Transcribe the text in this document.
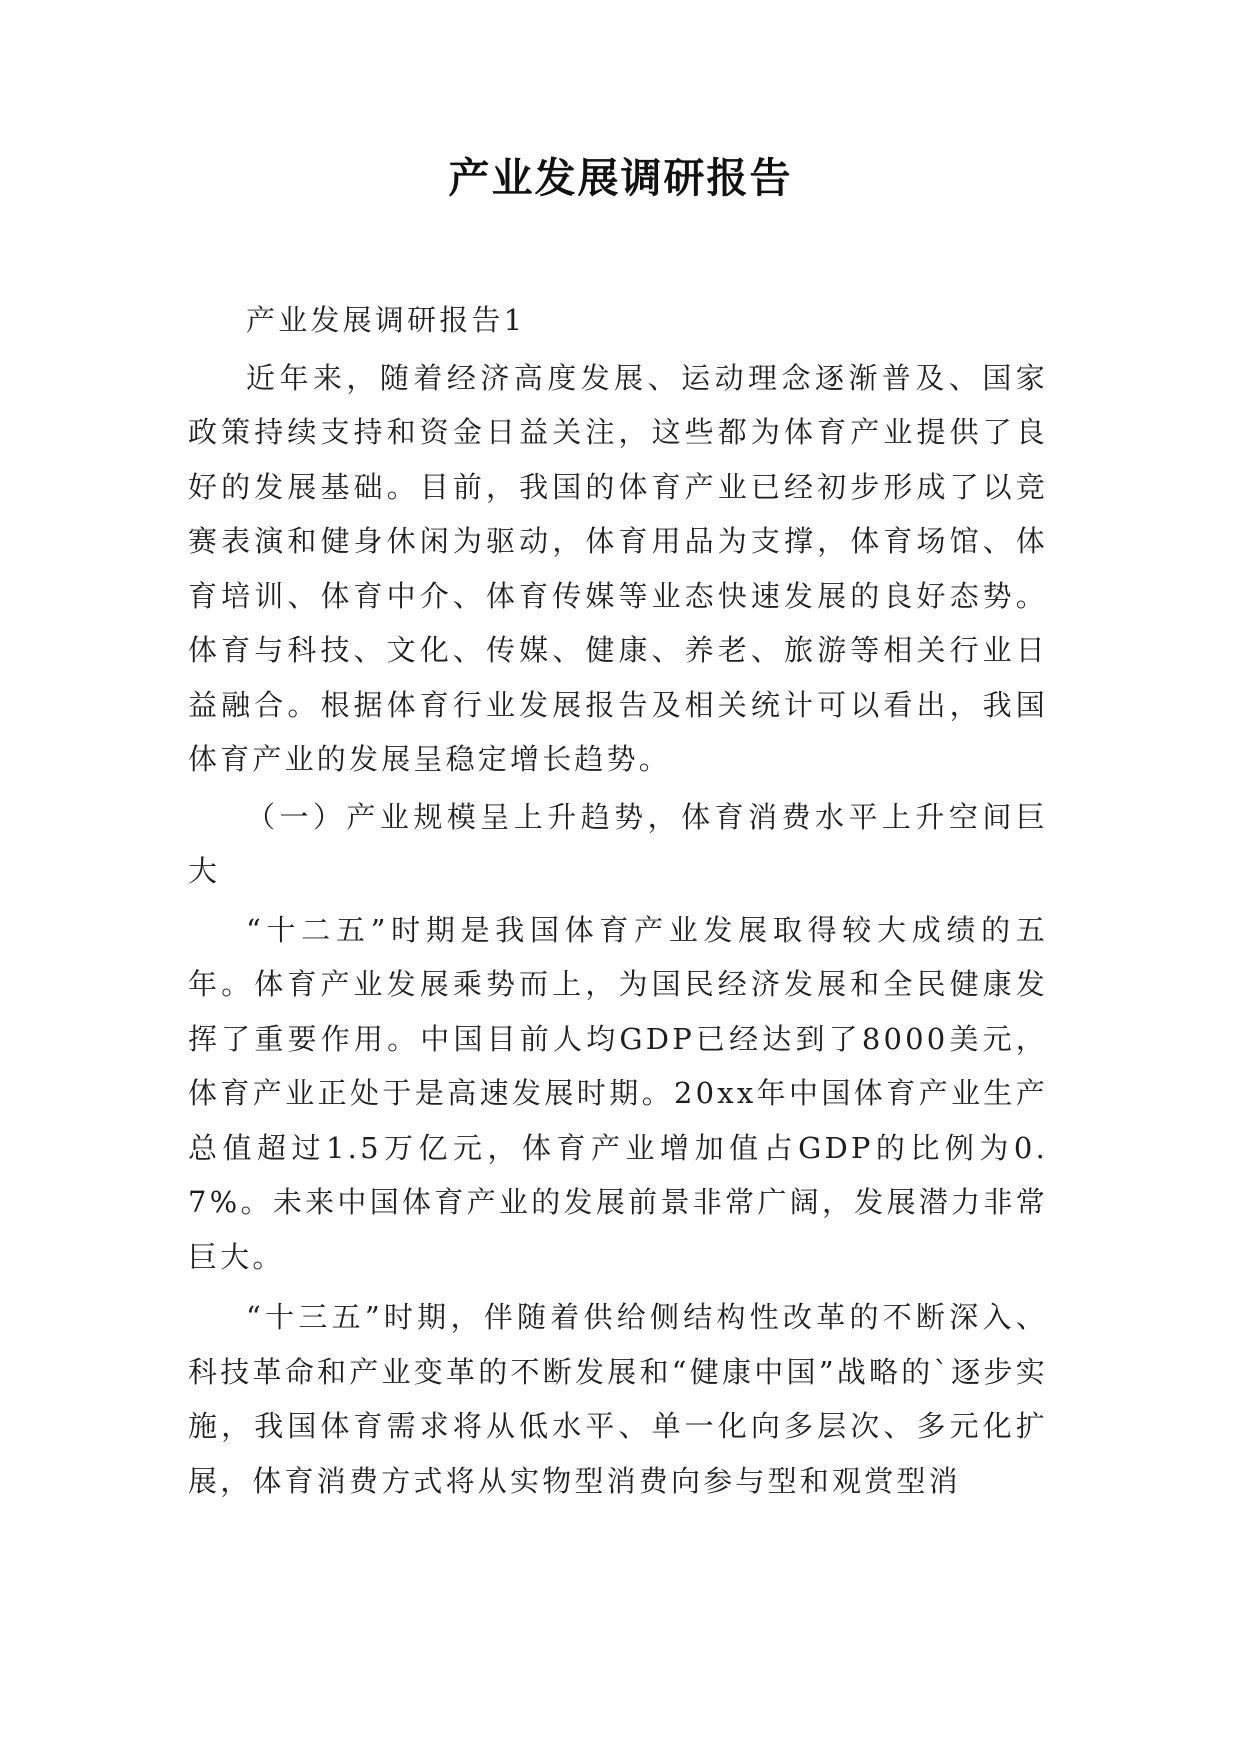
产业发展调研报告

产业发展调研报告1

近年来，随着经济高度发展、运动理念逐渐普及、国家政策持续支持和资金日益关注，这些都为体育产业提供了良好的发展基础。目前，我国的体育产业已经初步形成了以竞赛表演和健身休闲为驱动，体育用品为支撑，体育场馆、体育培训、体育中介、体育传媒等业态快速发展的良好态势。体育与科技、文化、传媒、健康、养老、旅游等相关行业日益融合。根据体育行业发展报告及相关统计可以看出，我国体育产业的发展呈稳定增长趋势。

（一）产业规模呈上升趋势，体育消费水平上升空间巨大

“十二五”时期是我国体育产业发展取得较大成绩的五年。体育产业发展乘势而上，为国民经济发展和全民健康发挥了重要作用。中国目前人均GDP已经达到了8000美元，体育产业正处于是高速发展时期。20xx年中国体育产业生产总值超过1.5万亿元，体育产业增加值占GDP的比例为0.7%。未来中国体育产业的发展前景非常广阔，发展潜力非常巨大。

“十三五”时期，伴随着供给侧结构性改革的不断深入、科技革命和产业变革的不断发展和“健康中国”战略的`逐步实施，我国体育需求将从低水平、单一化向多层次、多元化扩展，体育消费方式将从实物型消费向参与型和观赏型消
